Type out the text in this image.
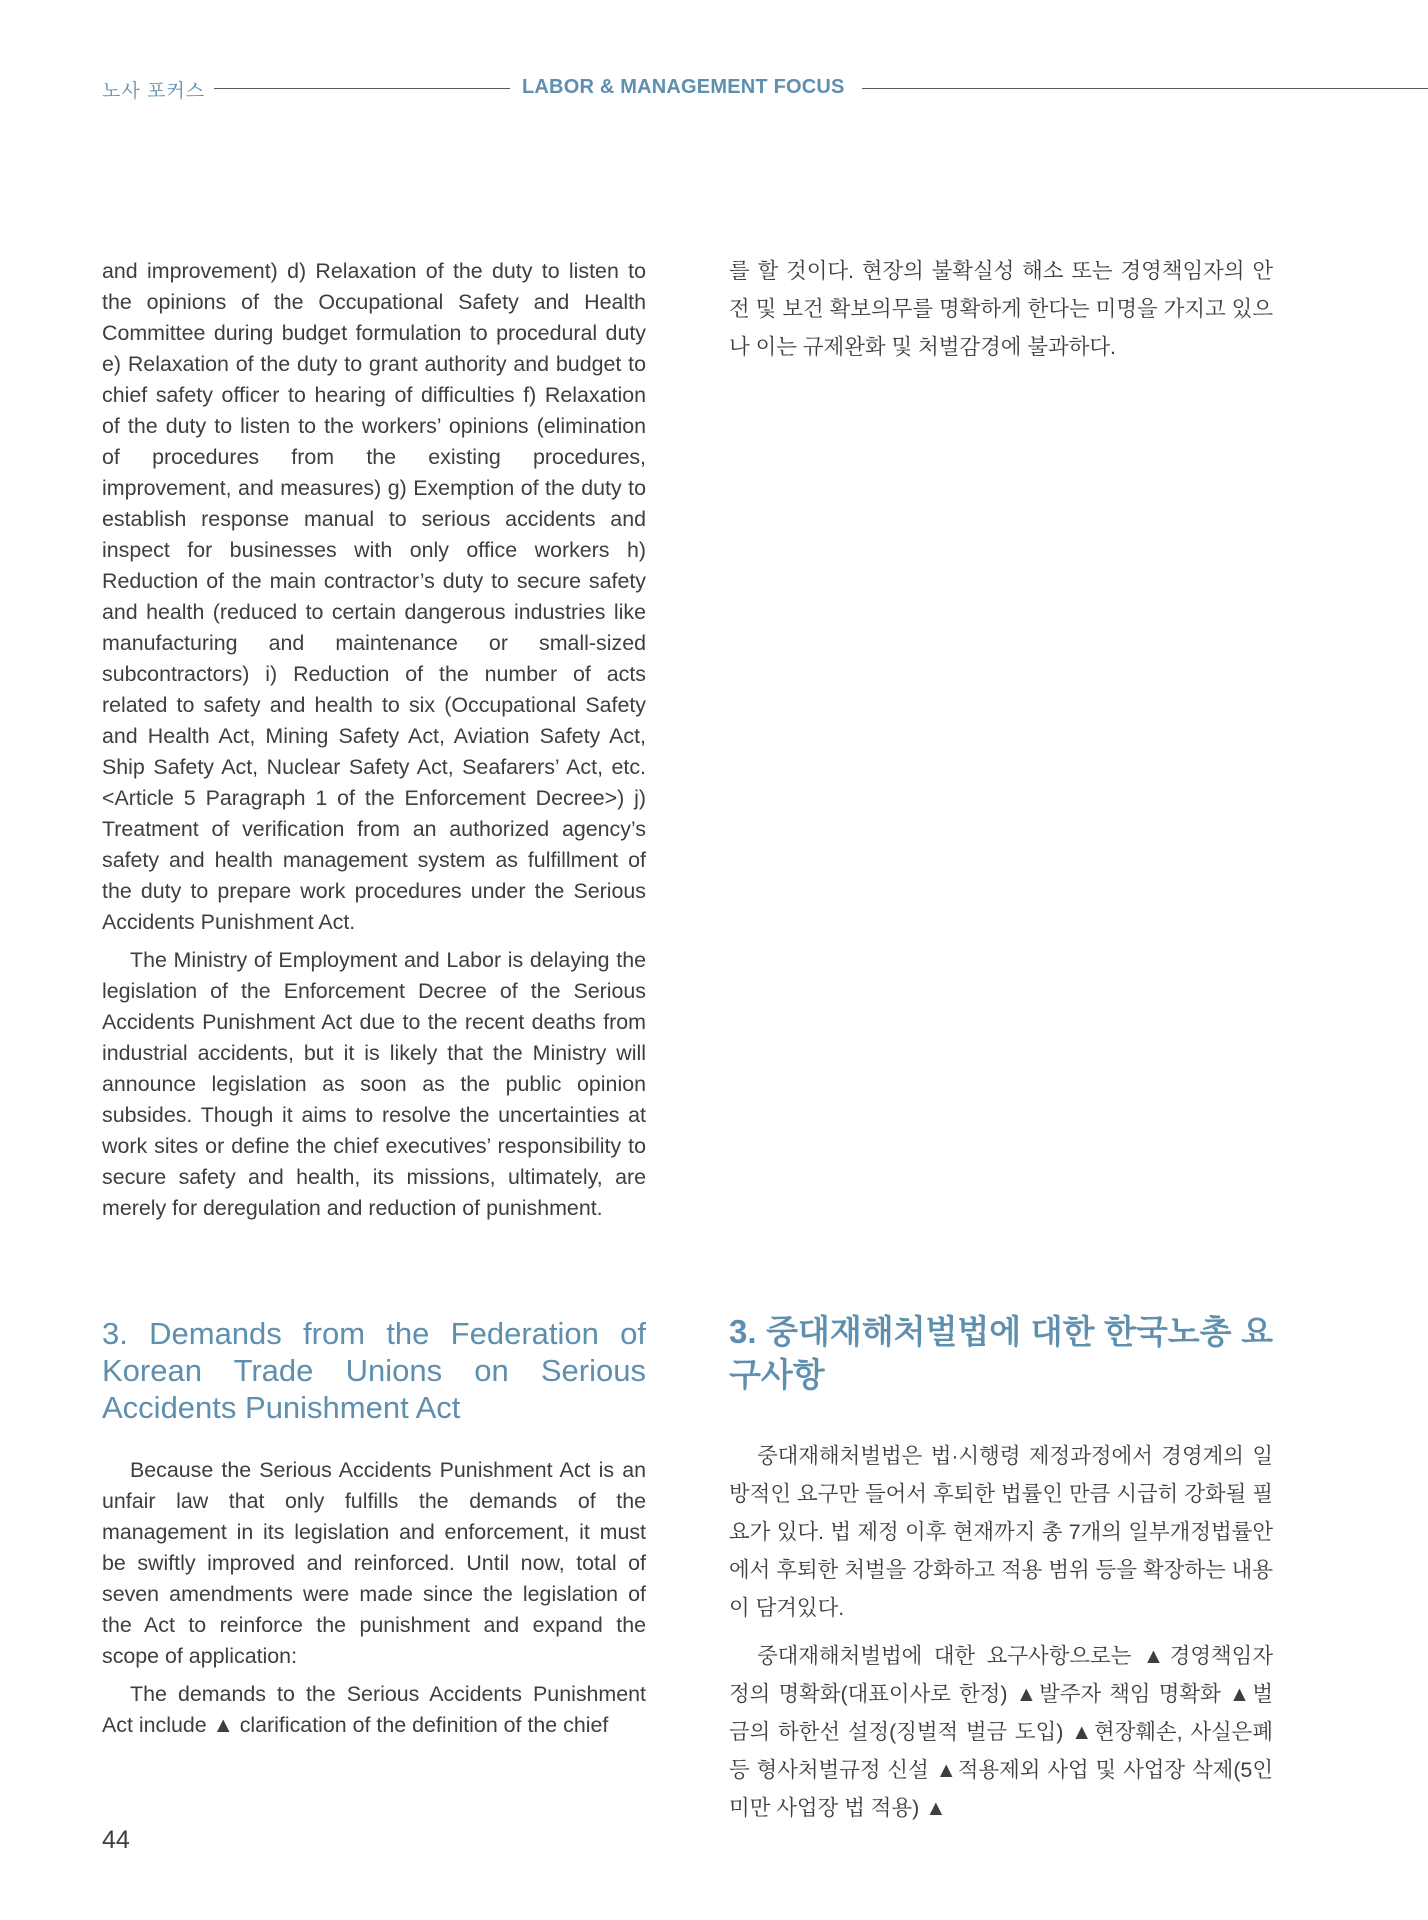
노사 포커스	LABOR & MANAGEMENT FOCUS

and improvement) d) Relaxation of the duty to listen to the opinions of the Occupational Safety and Health Committee during budget formulation to procedural duty e) Relaxation of the duty to grant authority and budget to chief safety officer to hearing of difficulties f) Relaxation of the duty to listen to the workers’ opinions (elimination of procedures from the existing procedures, improvement, and measures) g) Exemption of the duty to establish response manual to serious accidents and inspect for businesses with only office workers h) Reduction of the main contractor’s duty to secure safety and health (reduced to certain dangerous industries like manufacturing and maintenance or small-sized subcontractors) i) Reduction of the number of acts related to safety and health to six (Occupational Safety and Health Act, Mining Safety Act, Aviation Safety Act, Ship Safety Act, Nuclear Safety Act, Seafarers’ Act, etc. <Article 5 Paragraph 1 of the Enforcement Decree>) j) Treatment of verification from an authorized agency’s safety and health management system as fulfillment of the duty to prepare work procedures under the Serious Accidents Punishment Act.

The Ministry of Employment and Labor is delaying the legislation of the Enforcement Decree of the Serious Accidents Punishment Act due to the recent deaths from industrial accidents, but it is likely that the Ministry will announce legislation as soon as the public opinion subsides. Though it aims to resolve the uncertainties at work sites or define the chief executives’ responsibility to secure safety and health, its missions, ultimately, are merely for deregulation and reduction of punishment.

3. Demands from the Federation of Korean Trade Unions on Serious Accidents Punishment Act

Because the Serious Accidents Punishment Act is an unfair law that only fulfills the demands of the management in its legislation and enforcement, it must be swiftly improved and reinforced. Until now, total of seven amendments were made since the legislation of the Act to reinforce the punishment and expand the scope of application:

The demands to the Serious Accidents Punishment Act include ▲ clarification of the definition of the chief

를 할 것이다. 현장의 불확실성 해소 또는 경영책임자의 안전 및 보건 확보의무를 명확하게 한다는 미명을 가지고 있으나 이는 규제완화 및 처벌감경에 불과하다.

3. 중대재해처벌법에 대한 한국노총 요구사항

중대재해처벌법은 법·시행령 제정과정에서 경영계의 일방적인 요구만 들어서 후퇴한 법률인 만큼 시급히 강화될 필요가 있다. 법 제정 이후 현재까지 총 7개의 일부개정법률안에서 후퇴한 처벌을 강화하고 적용 범위 등을 확장하는 내용이 담겨있다.

중대재해처벌법에 대한 요구사항으로는 ▲경영책임자 정의 명확화(대표이사로 한정) ▲발주자 책임 명확화 ▲벌금의 하한선 설정(징벌적 벌금 도입) ▲현장훼손, 사실은폐 등 형사처벌규정 신설 ▲적용제외 사업 및 사업장 삭제(5인 미만 사업장 법 적용) ▲

44
